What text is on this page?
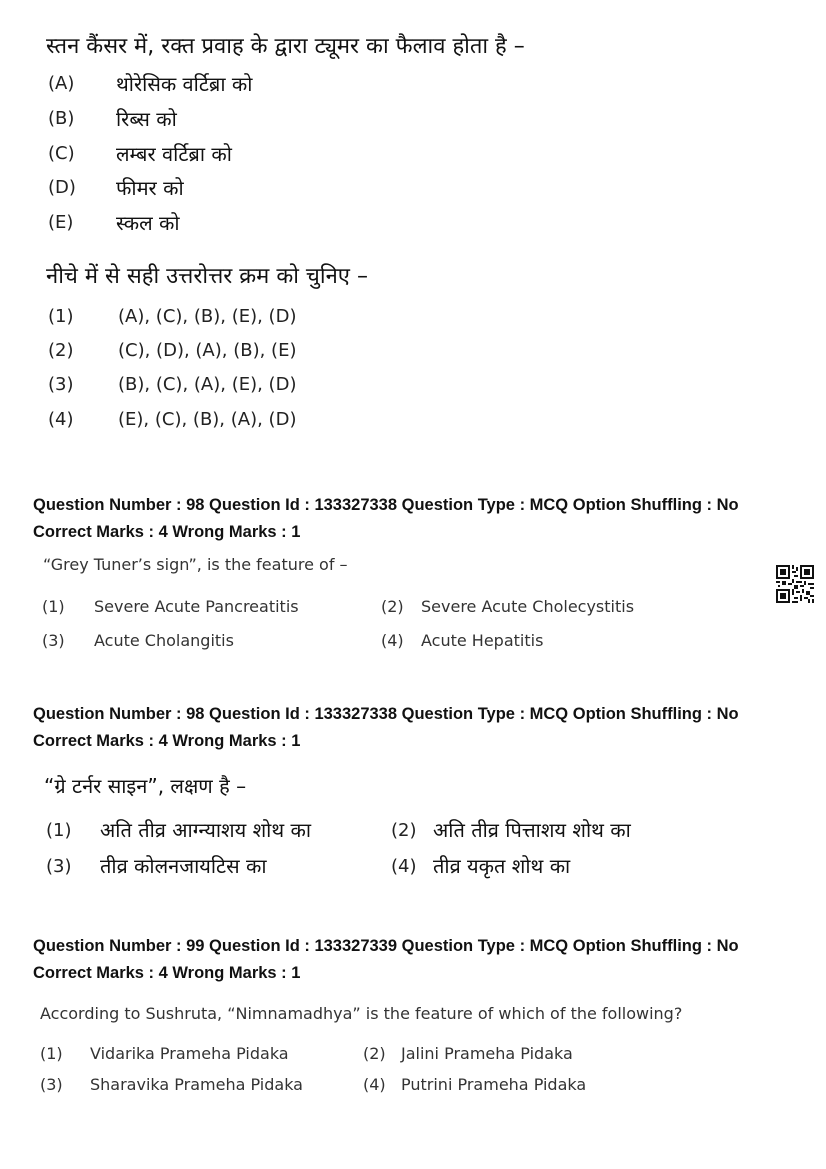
स्तन कैंसर में, रक्त प्रवाह के द्वारा ट्यूमर का फैलाव होता है –
(A) थोरेसिक वर्टिब्रा को
(B) रिब्स को
(C) लम्बर वर्टिब्रा को
(D) फीमर को
(E) स्कल को
नीचे में से सही उत्तरोत्तर क्रम को चुनिए –
(1) (A), (C), (B), (E), (D)
(2) (C), (D), (A), (B), (E)
(3) (B), (C), (A), (E), (D)
(4) (E), (C), (B), (A), (D)
Question Number : 98 Question Id : 133327338 Question Type : MCQ Option Shuffling : No
Correct Marks : 4 Wrong Marks : 1
“Grey Tuner’s sign”, is the feature of –
(1) Severe Acute Pancreatitis	(2) Severe Acute Cholecystitis
(3) Acute Cholangitis	(4) Acute Hepatitis
Question Number : 98 Question Id : 133327338 Question Type : MCQ Option Shuffling : No
Correct Marks : 4 Wrong Marks : 1
“ग्रे टर्नर साइन”, लक्षण है –
(1) अति तीव्र आग्न्याशय शोथ का	(2) अति तीव्र पित्ताशय शोथ का
(3) तीव्र कोलनजायटिस का	(4) तीव्र यकृत शोथ का
Question Number : 99 Question Id : 133327339 Question Type : MCQ Option Shuffling : No
Correct Marks : 4 Wrong Marks : 1
According to Sushruta, “Nimnamadhya” is the feature of which of the following?
(1) Vidarika Prameha Pidaka	(2) Jalini Prameha Pidaka
(3) Sharavika Prameha Pidaka	(4) Putrini Prameha Pidaka
